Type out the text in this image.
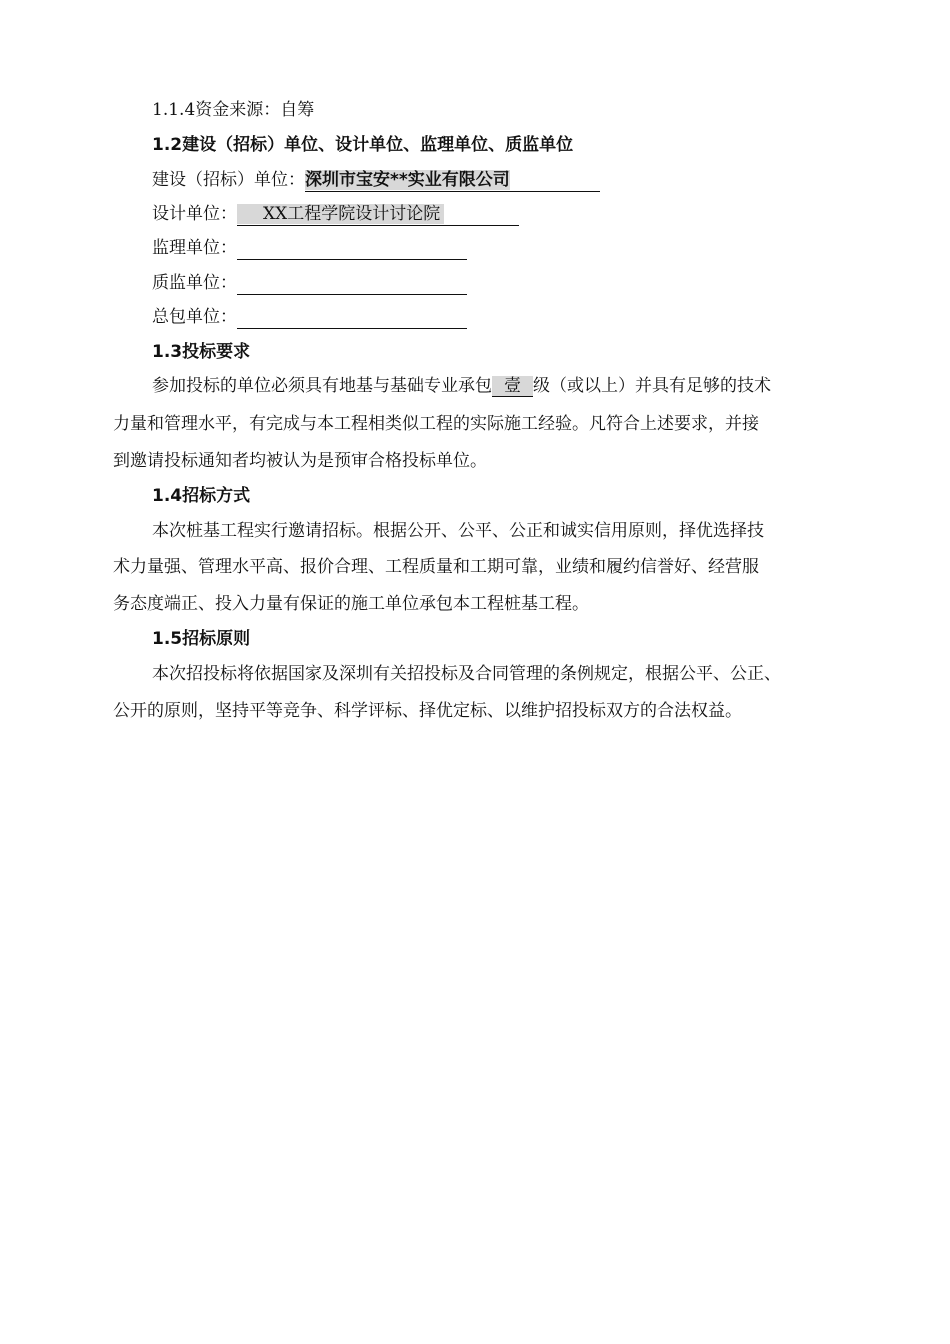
1.1.4资金来源：自筹
1.2建设（招标）单位、设计单位、监理单位、质监单位
建设（招标）单位：深圳市宝安**实业有限公司
设计单位： XX工程学院设计讨论院
监理单位：
质监单位：
总包单位：
1.3投标要求
参加投标的单位必须具有地基与基础专业承包 壹 级（或以上）并具有足够的技术
力量和管理水平，有完成与本工程相类似工程的实际施工经验。凡符合上述要求，并接
到邀请投标通知者均被认为是预审合格投标单位。
1.4招标方式
本次桩基工程实行邀请招标。根据公开、公平、公正和诚实信用原则，择优选择技
术力量强、管理水平高、报价合理、工程质量和工期可靠，业绩和履约信誉好、经营服
务态度端正、投入力量有保证的施工单位承包本工程桩基工程。
1.5招标原则
本次招投标将依据国家及深圳有关招投标及合同管理的条例规定，根据公平、公正、
公开的原则，坚持平等竞争、科学评标、择优定标、以维护招投标双方的合法权益。
